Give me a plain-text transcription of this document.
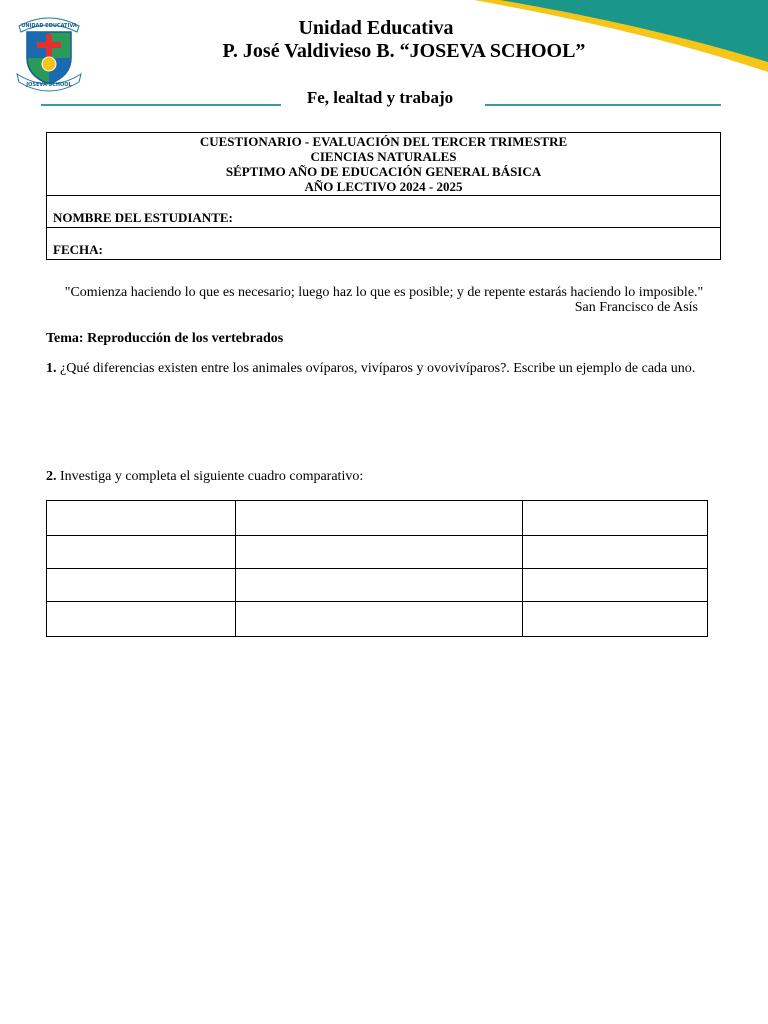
UNIDAD EDUCATIVA
JOSEVA SCHOOL
Unidad Educativa
P. José Valdivieso B. “JOSEVA SCHOOL”
Fe, lealtad y trabajo
CUESTIONARIO - EVALUACIÓN DEL TERCER TRIMESTRE
CIENCIAS NATURALES
SÉPTIMO AÑO DE EDUCACIÓN GENERAL BÁSICA
AÑO LECTIVO 2024 - 2025

NOMBRE DEL ESTUDIANTE:
FECHA:
"Comienza haciendo lo que es necesario; luego haz lo que es posible; y de repente estarás haciendo lo imposible."
San Francisco de Asís
Tema: Reproducción de los vertebrados
1. ¿Qué diferencias existen entre los animales ovíparos, vivíparos y ovovivíparos?. Escribe un ejemplo de cada uno.
2. Investiga y completa el siguiente cuadro comparativo:
